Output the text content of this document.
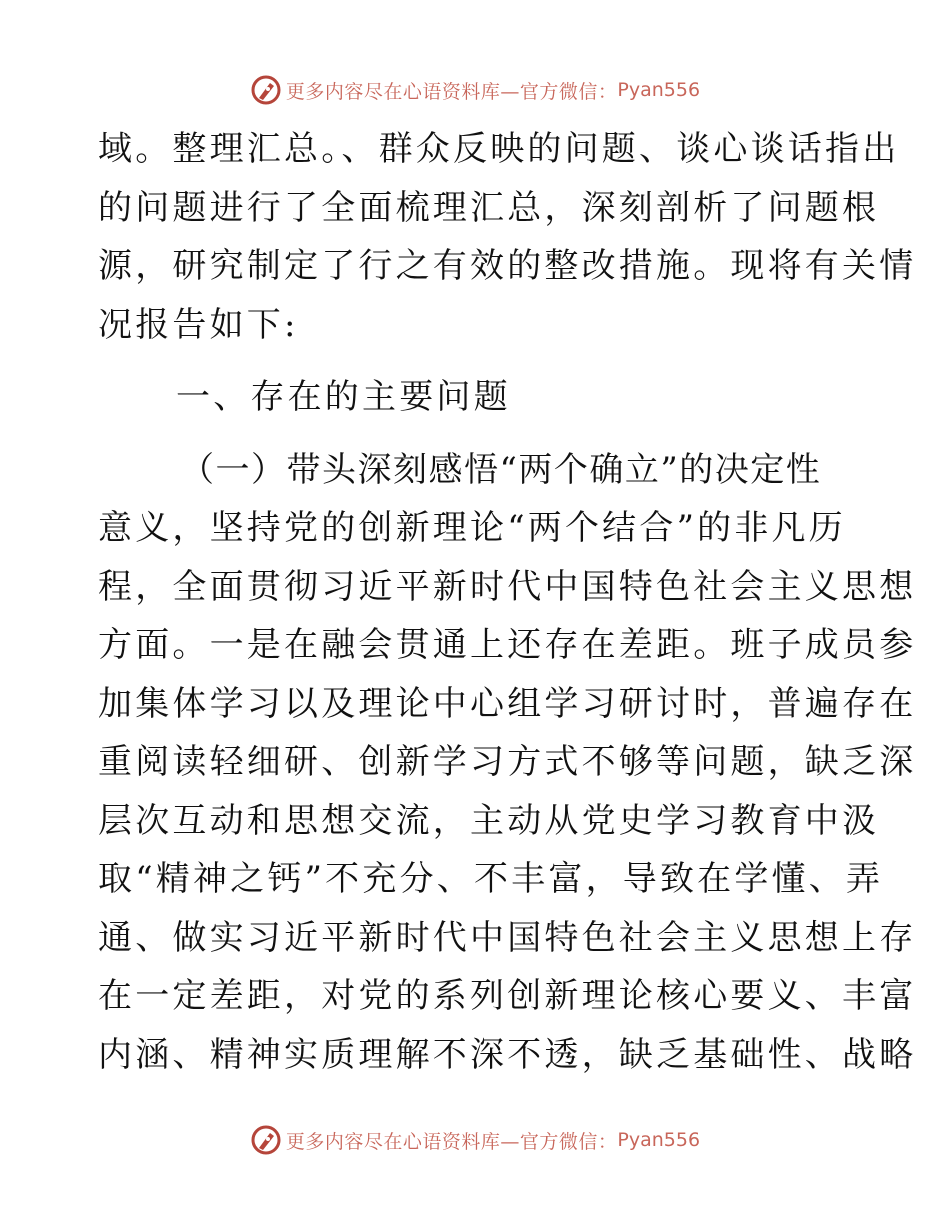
更多内容尽在心语资料库—官方微信： Pyan556
域。整理汇总。、群众反映的问题、谈心谈话指出
的问题进行了全面梳理汇总，深刻剖析了问题根
源，研究制定了行之有效的整改措施。现将有关情
况报告如下:
一、存在的主要问题
（一）带头深刻感悟“两个确立”的决定性
意义，坚持党的创新理论“两个结合”的非凡历
程，全面贯彻习近平新时代中国特色社会主义思想
方面。一是在融会贯通上还存在差距。班子成员参
加集体学习以及理论中心组学习研讨时，普遍存在
重阅读轻细研、创新学习方式不够等问题，缺乏深
层次互动和思想交流，主动从党史学习教育中汲
取“精神之钙”不充分、不丰富，导致在学懂、弄
通、做实习近平新时代中国特色社会主义思想上存
在一定差距，对党的系列创新理论核心要义、丰富
内涵、精神实质理解不深不透，缺乏基础性、战略
更多内容尽在心语资料库—官方微信： Pyan556
